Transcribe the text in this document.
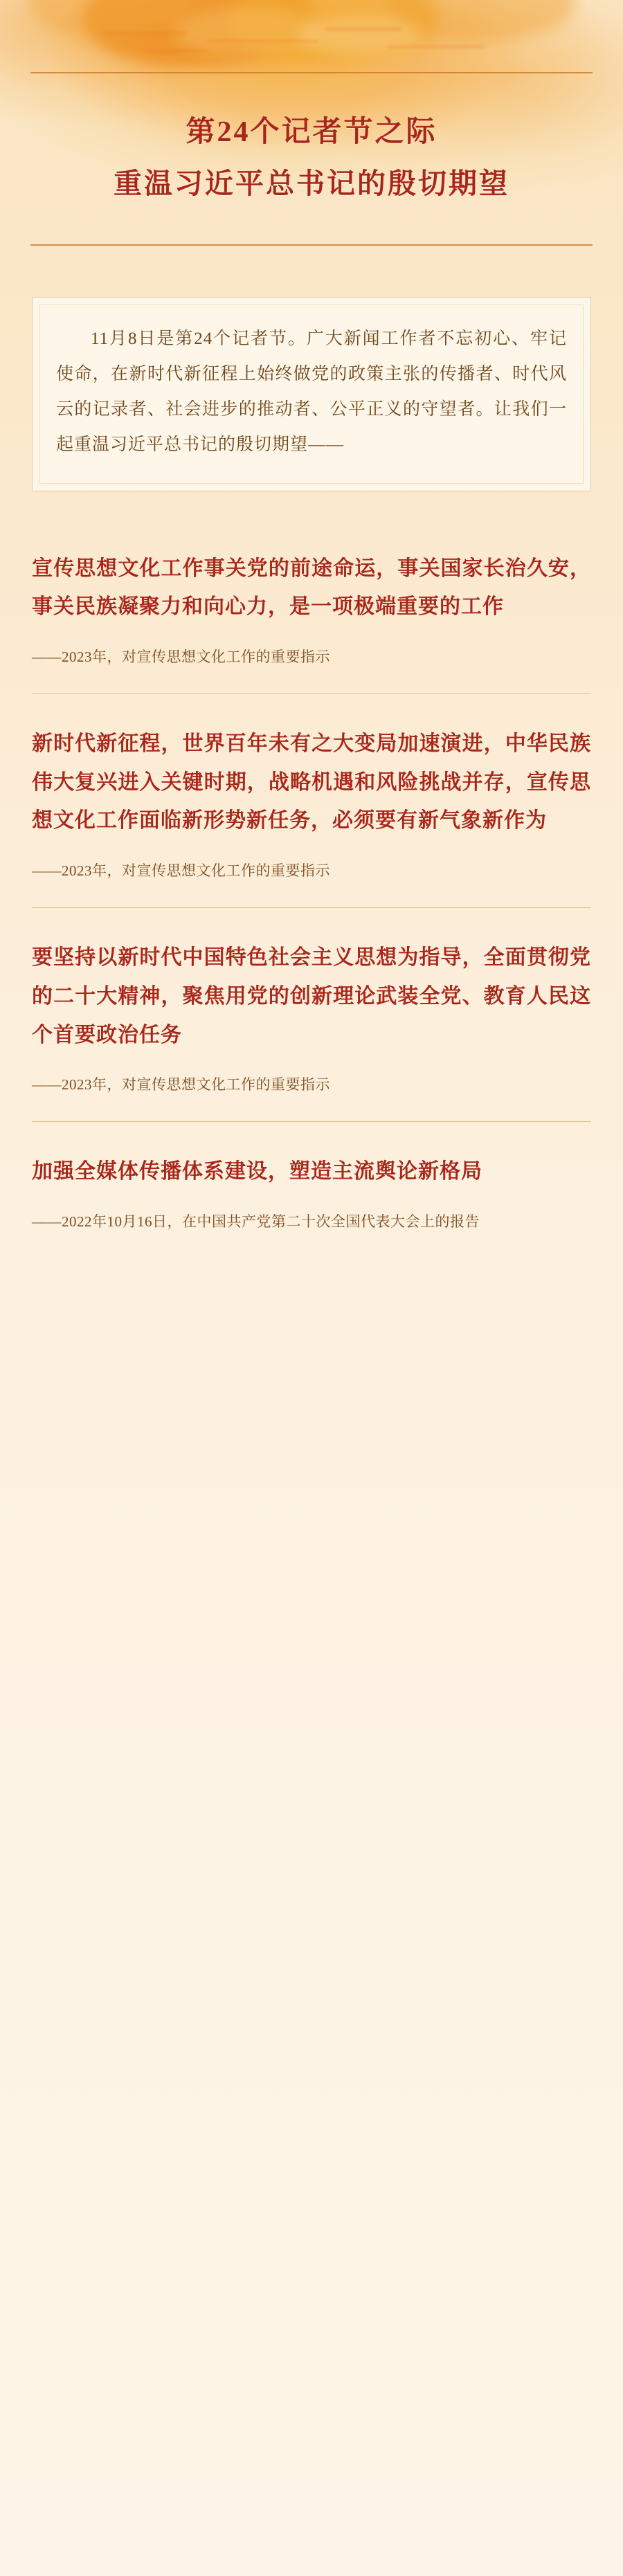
第24个记者节之际
重温习近平总书记的殷切期望
11月8日是第24个记者节。广大新闻工作者不忘初心、牢记使命，在新时代新征程上始终做党的政策主张的传播者、时代风云的记录者、社会进步的推动者、公平正义的守望者。让我们一起重温习近平总书记的殷切期望——
宣传思想文化工作事关党的前途命运，事关国家长治久安，事关民族凝聚力和向心力，是一项极端重要的工作
——2023年，对宣传思想文化工作的重要指示
新时代新征程，世界百年未有之大变局加速演进，中华民族伟大复兴进入关键时期，战略机遇和风险挑战并存，宣传思想文化工作面临新形势新任务，必须要有新气象新作为
——2023年，对宣传思想文化工作的重要指示
要坚持以新时代中国特色社会主义思想为指导，全面贯彻党的二十大精神，聚焦用党的创新理论武装全党、教育人民这个首要政治任务
——2023年，对宣传思想文化工作的重要指示
加强全媒体传播体系建设，塑造主流舆论新格局
——2022年10月16日，在中国共产党第二十次全国代表大会上的报告
